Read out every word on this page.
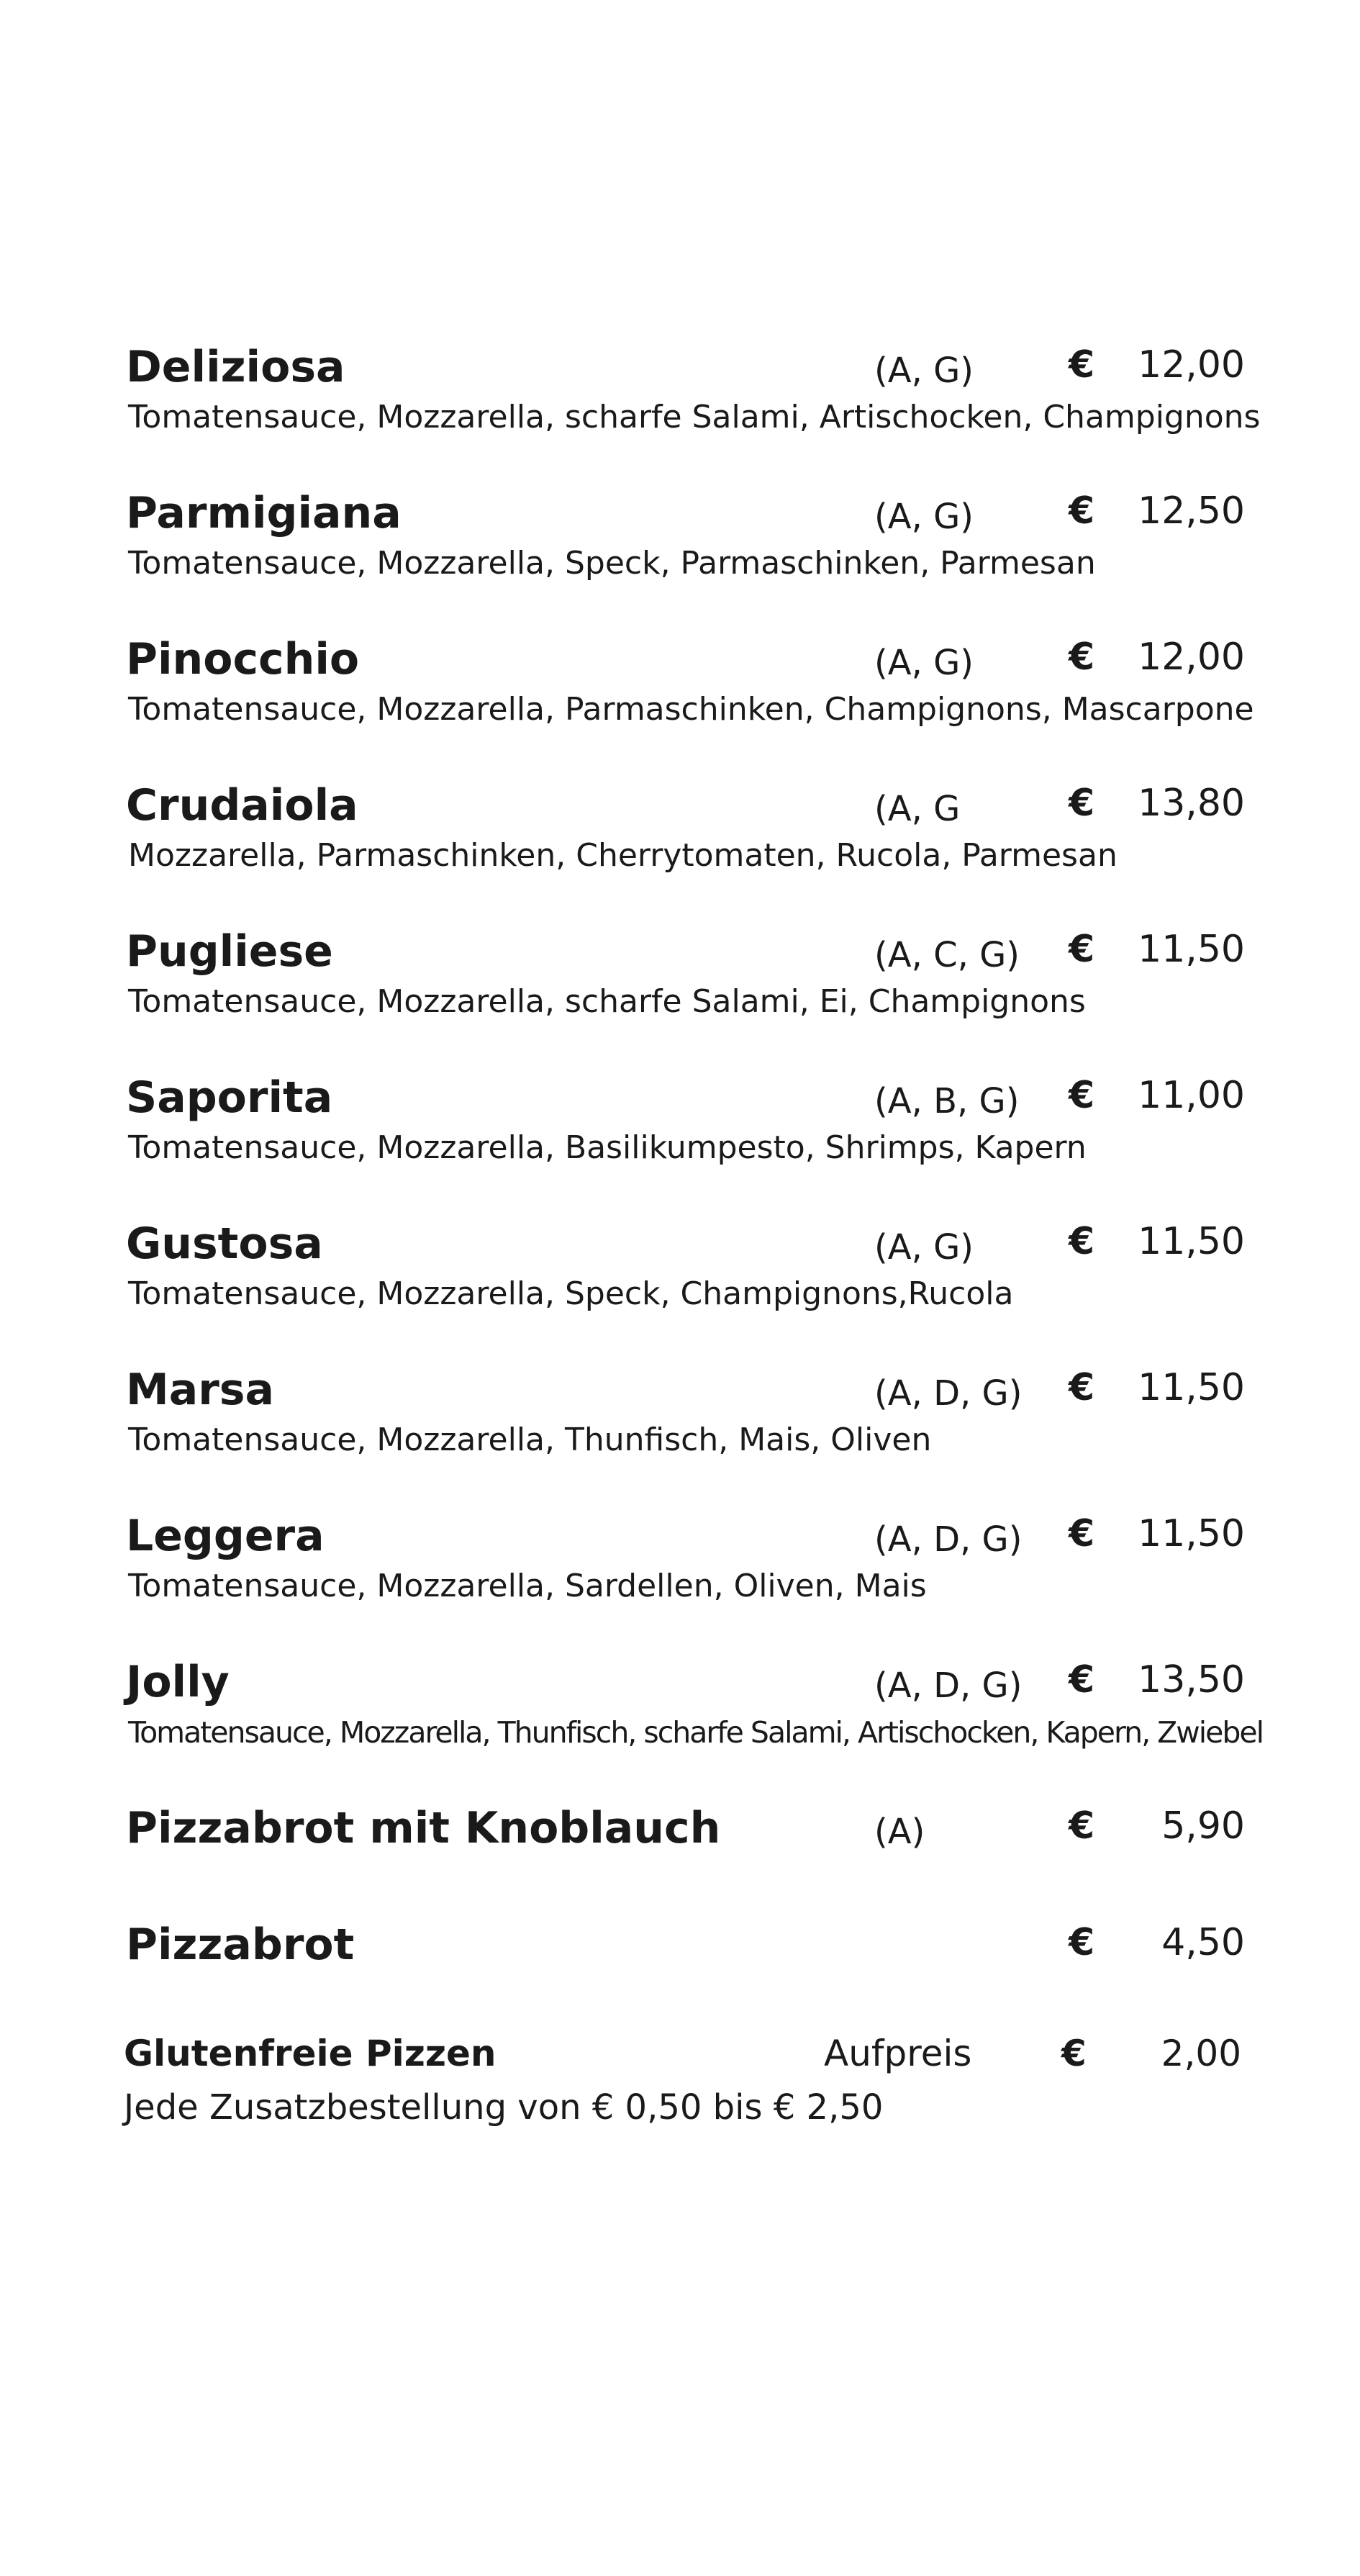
Deliziosa	(A, G)	€ 12,00
Tomatensauce, Mozzarella, scharfe Salami, Artischocken, Champignons
Parmigiana	(A, G)	€ 12,50
Tomatensauce, Mozzarella, Speck, Parmaschinken, Parmesan
Pinocchio	(A, G)	€ 12,00
Tomatensauce, Mozzarella, Parmaschinken, Champignons, Mascarpone
Crudaiola	(A, G	€ 13,80
Mozzarella, Parmaschinken, Cherrytomaten, Rucola, Parmesan
Pugliese	(A, C, G) € 11,50
Tomatensauce, Mozzarella, scharfe Salami, Ei, Champignons
Saporita	(A, B, G) € 11,00
Tomatensauce, Mozzarella, Basilikumpesto, Shrimps, Kapern
Gustosa	(A, G)	€ 11,50
Tomatensauce, Mozzarella, Speck, Champignons,Rucola
Marsa	(A, D, G) € 11,50
Tomatensauce, Mozzarella, Thunfisch, Mais, Oliven
Leggera	(A, D, G) € 11,50
Tomatensauce, Mozzarella, Sardellen, Oliven, Mais
Jolly	(A, D, G) € 13,50
Tomatensauce, Mozzarella, Thunfisch, scharfe Salami, Artischocken, Kapern, Zwiebel
Pizzabrot mit Knoblauch	(A)	€ 5,90
Pizzabrot	€ 4,50
Glutenfreie Pizzen	Aufpreis € 2,00
Jede Zusatzbestellung von € 0,50 bis € 2,50
